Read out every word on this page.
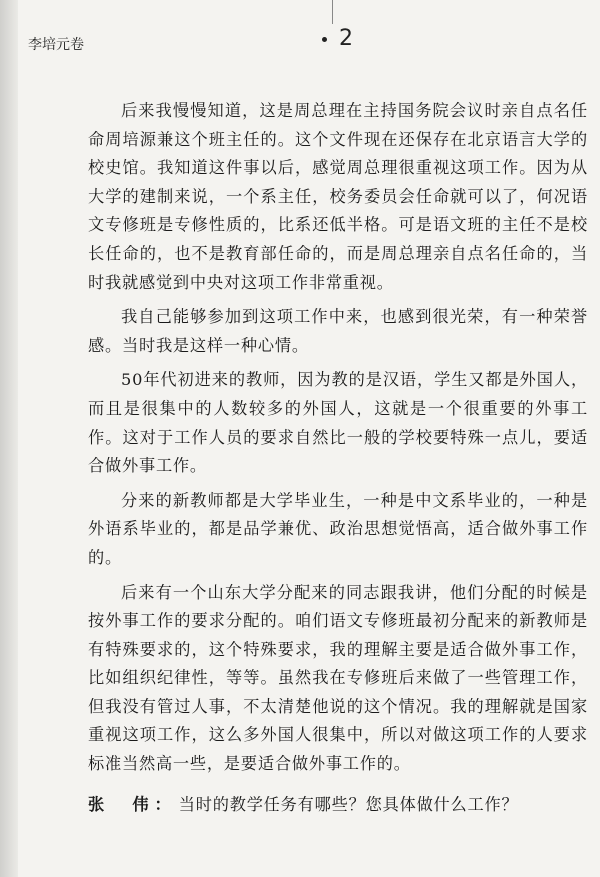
李培元卷	2

后来我慢慢知道，这是周总理在主持国务院会议时亲自点名任命周培源兼这个班主任的。这个文件现在还保存在北京语言大学的校史馆。我知道这件事以后，感觉周总理很重视这项工作。因为从大学的建制来说，一个系主任，校务委员会任命就可以了，何况语文专修班是专修性质的，比系还低半格。可是语文班的主任不是校长任命的，也不是教育部任命的，而是周总理亲自点名任命的，当时我就感觉到中央对这项工作非常重视。

我自己能够参加到这项工作中来，也感到很光荣，有一种荣誉感。当时我是这样一种心情。

50年代初进来的教师，因为教的是汉语，学生又都是外国人，而且是很集中的人数较多的外国人，这就是一个很重要的外事工作。这对于工作人员的要求自然比一般的学校要特殊一点儿，要适合做外事工作。

分来的新教师都是大学毕业生，一种是中文系毕业的，一种是外语系毕业的，都是品学兼优、政治思想觉悟高，适合做外事工作的。

后来有一个山东大学分配来的同志跟我讲，他们分配的时候是按外事工作的要求分配的。咱们语文专修班最初分配来的新教师是有特殊要求的，这个特殊要求，我的理解主要是适合做外事工作，比如组织纪律性，等等。虽然我在专修班后来做了一些管理工作，但我没有管过人事，不太清楚他说的这个情况。我的理解就是国家重视这项工作，这么多外国人很集中，所以对做这项工作的人要求标准当然高一些，是要适合做外事工作的。

张　伟： 当时的教学任务有哪些？您具体做什么工作？
